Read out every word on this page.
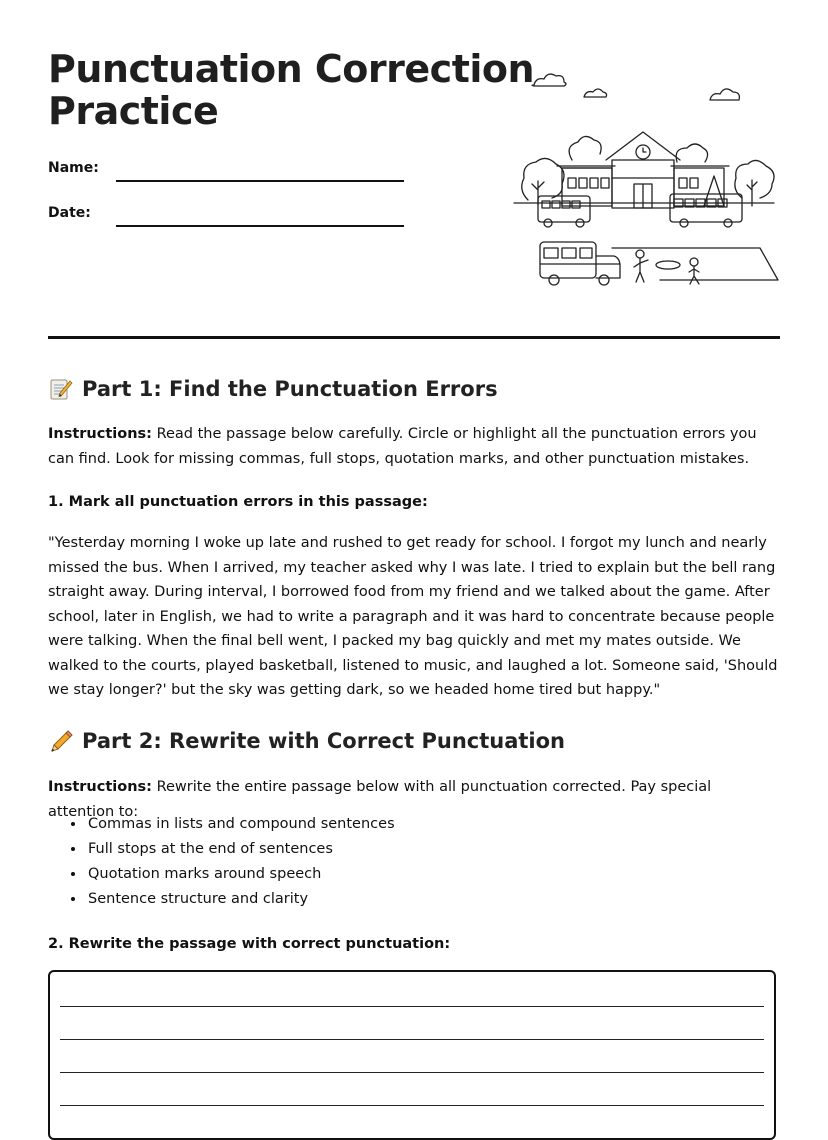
Punctuation Correction
Practice
Name:
Date:
Part 1: Find the Punctuation Errors

Instructions: Read the passage below carefully. Circle or highlight all the punctuation errors you can find. Look for missing commas, full stops, quotation marks, and other punctuation mistakes.

1. Mark all punctuation errors in this passage:

"Yesterday morning I woke up late and rushed to get ready for school. I forgot my lunch and nearly missed the bus. When I arrived, my teacher asked why I was late. I tried to explain but the bell rang straight away. During interval, I borrowed food from my friend and we talked about the game. After school, later in English, we had to write a paragraph and it was hard to concentrate because people were talking. When the final bell went, I packed my bag quickly and met my mates outside. We walked to the courts, played basketball, listened to music, and laughed a lot. Someone said, 'Should we stay longer?' but the sky was getting dark, so we headed home tired but happy."

Part 2: Rewrite with Correct Punctuation

Instructions: Rewrite the entire passage below with all punctuation corrected. Pay special attention to:

• Commas in lists and compound sentences
• Full stops at the end of sentences
• Quotation marks around speech
• Sentence structure and clarity
2. Rewrite the passage with correct punctuation:
